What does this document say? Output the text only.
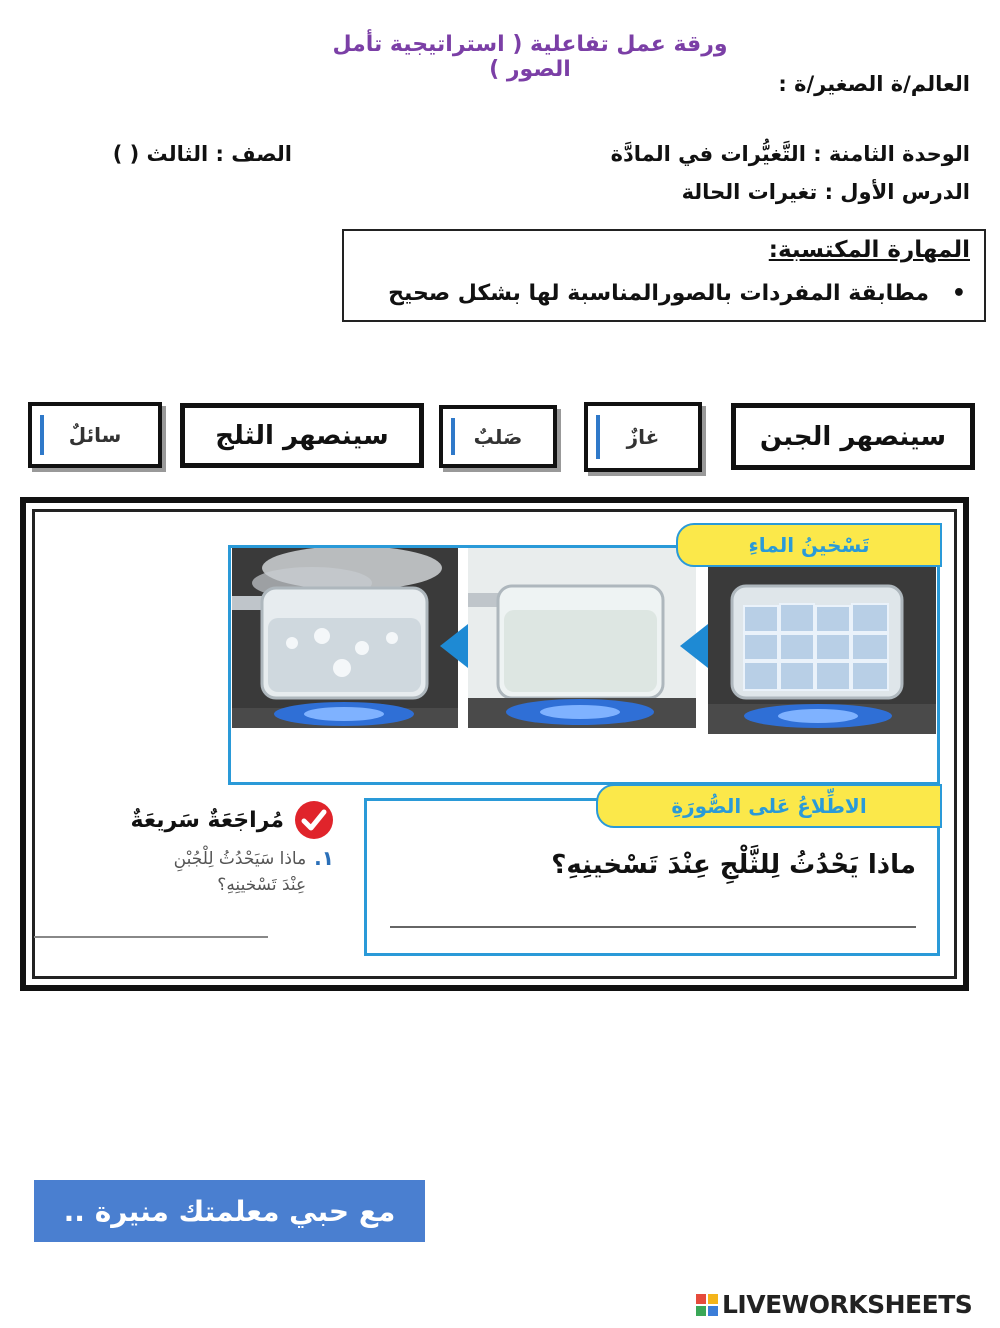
ورقة عمل تفاعلية ( استراتيجية تأمل الصور )
العالم/ة الصغير/ة :
الوحدة الثامنة : التَّغيُّرات في المادَّة
الدرس الأول : تغيرات الحالة
الصف : الثالث ( )
المهارة المكتسبة:
•   مطابقة المفردات بالصورالمناسبة لها بشكل صحيح
سينصهر الجبن
غازٌ
صَلبٌ
سينصهر الثلج
سائلٌ
تَسْخينُ الماءِ
الاطِّلاعُ عَلى الصُّورَةِ
ماذا يَحْدُثُ لِلثَّلْجِ عِنْدَ تَسْخينِهِ؟
مُراجَعَةٌ سَريعَةٌ
١.
ماذا سَيَحْدُثُ لِلْجُبْنِ
عِنْدَ تَسْخينِهِ؟
مع حبي معلمتك منيرة ..
LIVEWORKSHEETS
